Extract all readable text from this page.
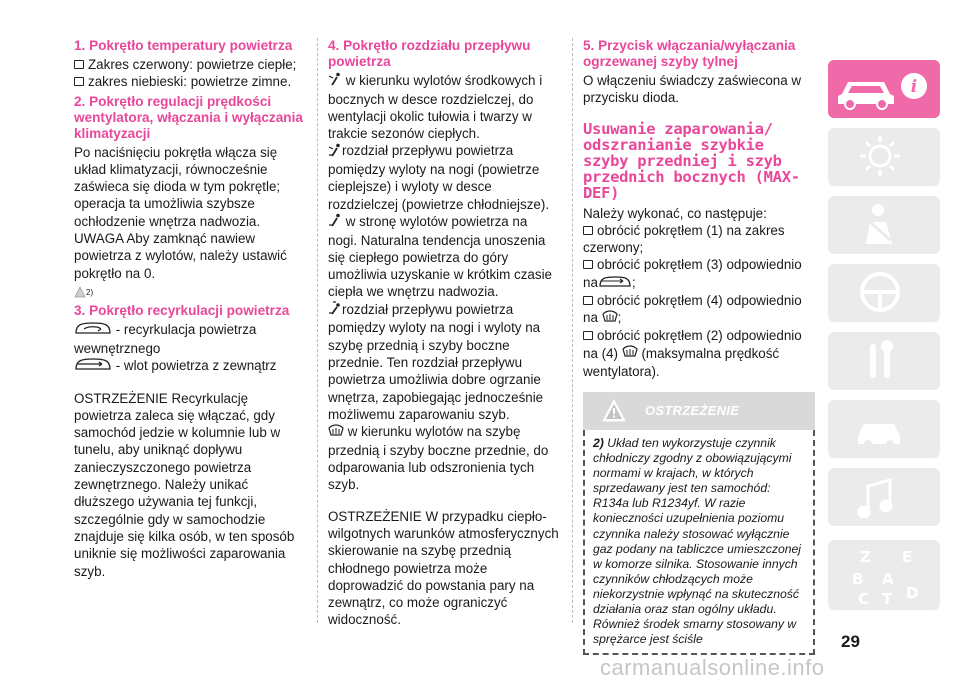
1. Pokrętło temperatury powietrza

Zakres czerwony: powietrze ciepłe;

zakres niebieski: powietrze zimne.

2. Pokrętło regulacji prędkości wentylatora, włączania i wyłączania klimatyzacji

Po naciśnięciu pokrętła włącza się układ klimatyzacji, równocześnie zaświeca się dioda w tym pokrętle; operacja ta umożliwia szybsze ochłodzenie wnętrza nadwozia.

UWAGA Aby zamknąć nawiew powietrza z wylotów, należy ustawić pokrętło na 0.

$^{2)}$

3. Pokrętło recyrkulacji powietrza

- recyrkulacja powietrza wewnętrznego

- wlot powietrza z zewnątrz

OSTRZEŻENIE Recyrkulację powietrza zaleca się włączać, gdy samochód jedzie w kolumnie lub w tunelu, aby uniknąć dopływu zanieczyszczonego powietrza zewnętrznego. Należy unikać dłuższego używania tej funkcji, szczególnie gdy w samochodzie znajduje się kilka osób, w ten sposób uniknie się możliwości zaparowania szyb.

4. Pokrętło rozdziału przepływu powietrza

w kierunku wylotów środkowych i bocznych w desce rozdzielczej, do wentylacji okolic tułowia i twarzy w trakcie sezonów ciepłych.

rozdział przepływu powietrza pomiędzy wyloty na nogi (powietrze cieplejsze) i wyloty w desce rozdzielczej (powietrze chłodniejsze).

w stronę wylotów powietrza na nogi. Naturalna tendencja unoszenia się ciepłego powietrza do góry umożliwia uzyskanie w krótkim czasie ciepła we wnętrzu nadwozia.

rozdział przepływu powietrza pomiędzy wyloty na nogi i wyloty na szybę przednią i szyby boczne przednie. Ten rozdział przepływu powietrza umożliwia dobre ogrzanie wnętrza, zapobiegając jednocześnie możliwemu zaparowaniu szyb.

w kierunku wylotów na szybę przednią i szyby boczne przednie, do odparowania lub odszronienia tych szyb.

OSTRZEŻENIE W przypadku ciepło-wilgotnych warunków atmosferycznych skierowanie na szybę przednią chłodnego powietrza może doprowadzić do powstania pary na zewnątrz, co może ograniczyć widoczność.

5. Przycisk włączania/wyłączania ogrzewanej szyby tylnej

O włączeniu świadczy zaświecona w przycisku dioda.

Usuwanie zaparowania/ odszranianie szybkie szyby przedniej i szyb przednich bocznych (MAX-DEF)

Należy wykonać, co następuje:

obrócić pokrętłem (1) na zakres czerwony;

obrócić pokrętłem (3) odpowiednio na	;

obrócić pokrętłem (4) odpowiednio na ;

obrócić pokrętłem (2) odpowiednio na (4) (maksymalna prędkość wentylatora).

OSTRZEŻENIE
2) Układ ten wykorzystuje czynnik chłodniczy zgodny z obowiązującymi normami w krajach, w których sprzedawany jest ten samochód: R134a lub R1234yf. W razie konieczności uzupełnienia poziomu czynnika należy stosować wyłącznie gaz podany na tabliczce umieszczonej w komorze silnika. Stosowanie innych czynników chłodzących może niekorzystnie wpłynąć na skuteczność działania oraz stan ogólny układu. Również środek smarny stosowany w sprężarce jest ściśle
i
Z E
B A
C T D
29
carmanualsonline.info
